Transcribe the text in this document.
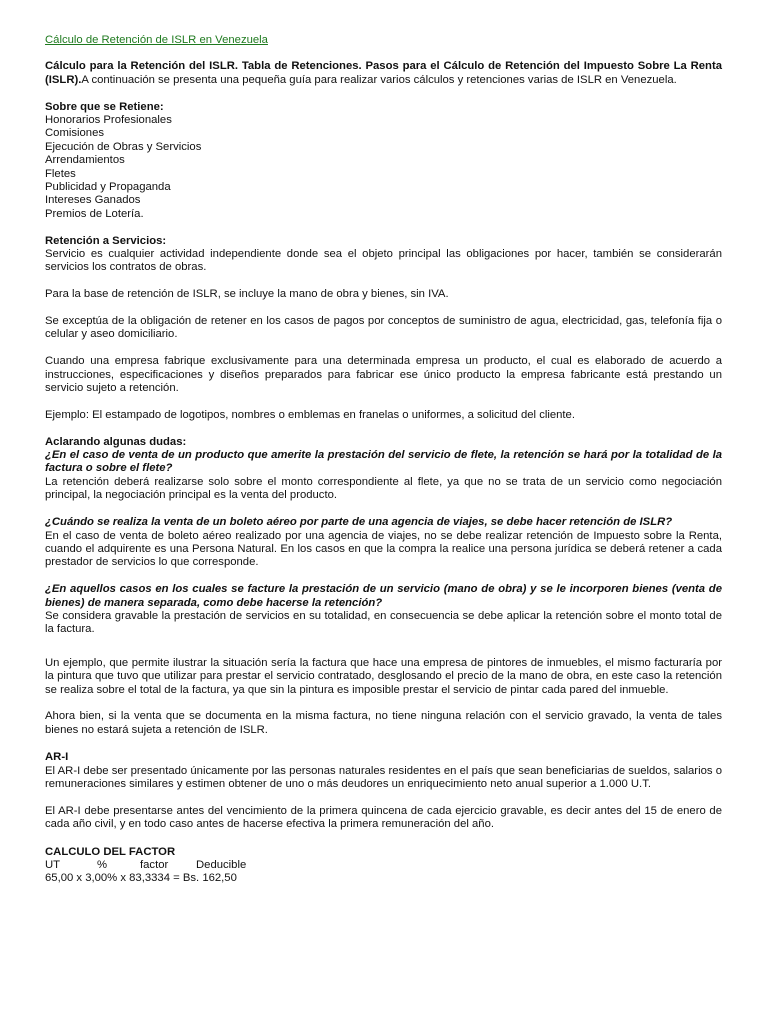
Cálculo de Retención de ISLR en Venezuela

Cálculo para la Retención del ISLR. Tabla de Retenciones. Pasos para el Cálculo de Retención del Impuesto Sobre La Renta (ISLR).A continuación se presenta una pequeña guía para realizar varios cálculos y retenciones varias de ISLR en Venezuela.

Sobre que se Retiene:
Honorarios Profesionales
Comisiones
Ejecución de Obras y Servicios
Arrendamientos
Fletes
Publicidad y Propaganda
Intereses Ganados
Premios de Lotería.
Retención a Servicios:

Servicio es cualquier actividad independiente donde sea el objeto principal las obligaciones por hacer, también se considerarán servicios los contratos de obras.

Para la base de retención de ISLR, se incluye la mano de obra y bienes, sin IVA.

Se exceptúa de la obligación de retener en los casos de pagos por conceptos de suministro de agua, electricidad, gas, telefonía fija o celular y aseo domiciliario.

Cuando una empresa fabrique exclusivamente para una determinada empresa un producto, el cual es elaborado de acuerdo a instrucciones, especificaciones y diseños preparados para fabricar ese único producto la empresa fabricante está prestando un servicio sujeto a retención.

Ejemplo: El estampado de logotipos, nombres o emblemas en franelas o uniformes, a solicitud del cliente.

Aclarando algunas dudas:
¿En el caso de venta de un producto que amerite la prestación del servicio de flete, la retención se hará por la totalidad de la factura o sobre el flete?

La retención deberá realizarse solo sobre el monto correspondiente al flete, ya que no se trata de un servicio como negociación principal, la negociación principal es la venta del producto.

¿Cuándo se realiza la venta de un boleto aéreo por parte de una agencia de viajes, se debe hacer retención de ISLR?

En el caso de venta de boleto aéreo realizado por una agencia de viajes, no se debe realizar retención de Impuesto sobre la Renta, cuando el adquirente es una Persona Natural. En los casos en que la compra la realice una persona jurídica se deberá retener a cada prestador de servicios lo que corresponde.

¿En aquellos casos en los cuales se facture la prestación de un servicio (mano de obra) y se le incorporen bienes (venta de bienes) de manera separada, como debe hacerse la retención?

Se considera gravable la prestación de servicios en su totalidad, en consecuencia se debe aplicar la retención sobre el monto total de la factura.

Un ejemplo, que permite ilustrar la situación sería la factura que hace una empresa de pintores de inmuebles, el mismo facturaría por la pintura que tuvo que utilizar para prestar el servicio contratado, desglosando el precio de la mano de obra, en este caso la retención se realiza sobre el total de la factura, ya que sin la pintura es imposible prestar el servicio de pintar cada pared del inmueble.

Ahora bien, si la venta que se documenta en la misma factura, no tiene ninguna relación con el servicio gravado, la venta de tales bienes no estará sujeta a retención de ISLR.

AR-I

El AR-I debe ser presentado únicamente por las personas naturales residentes en el país que sean beneficiarias de sueldos, salarios o remuneraciones similares y estimen obtener de uno o más deudores un enriquecimiento neto anual superior a 1.000 U.T.

El AR-I debe presentarse antes del vencimiento de la primera quincena de cada ejercicio gravable, es decir antes del 15 de enero de cada año civil, y en todo caso antes de hacerse efectiva la primera remuneración del año.

CALCULO DEL FACTOR
UT	%	factor	Deducible
65,00 x 3,00% x 83,3334 = Bs. 162,50
